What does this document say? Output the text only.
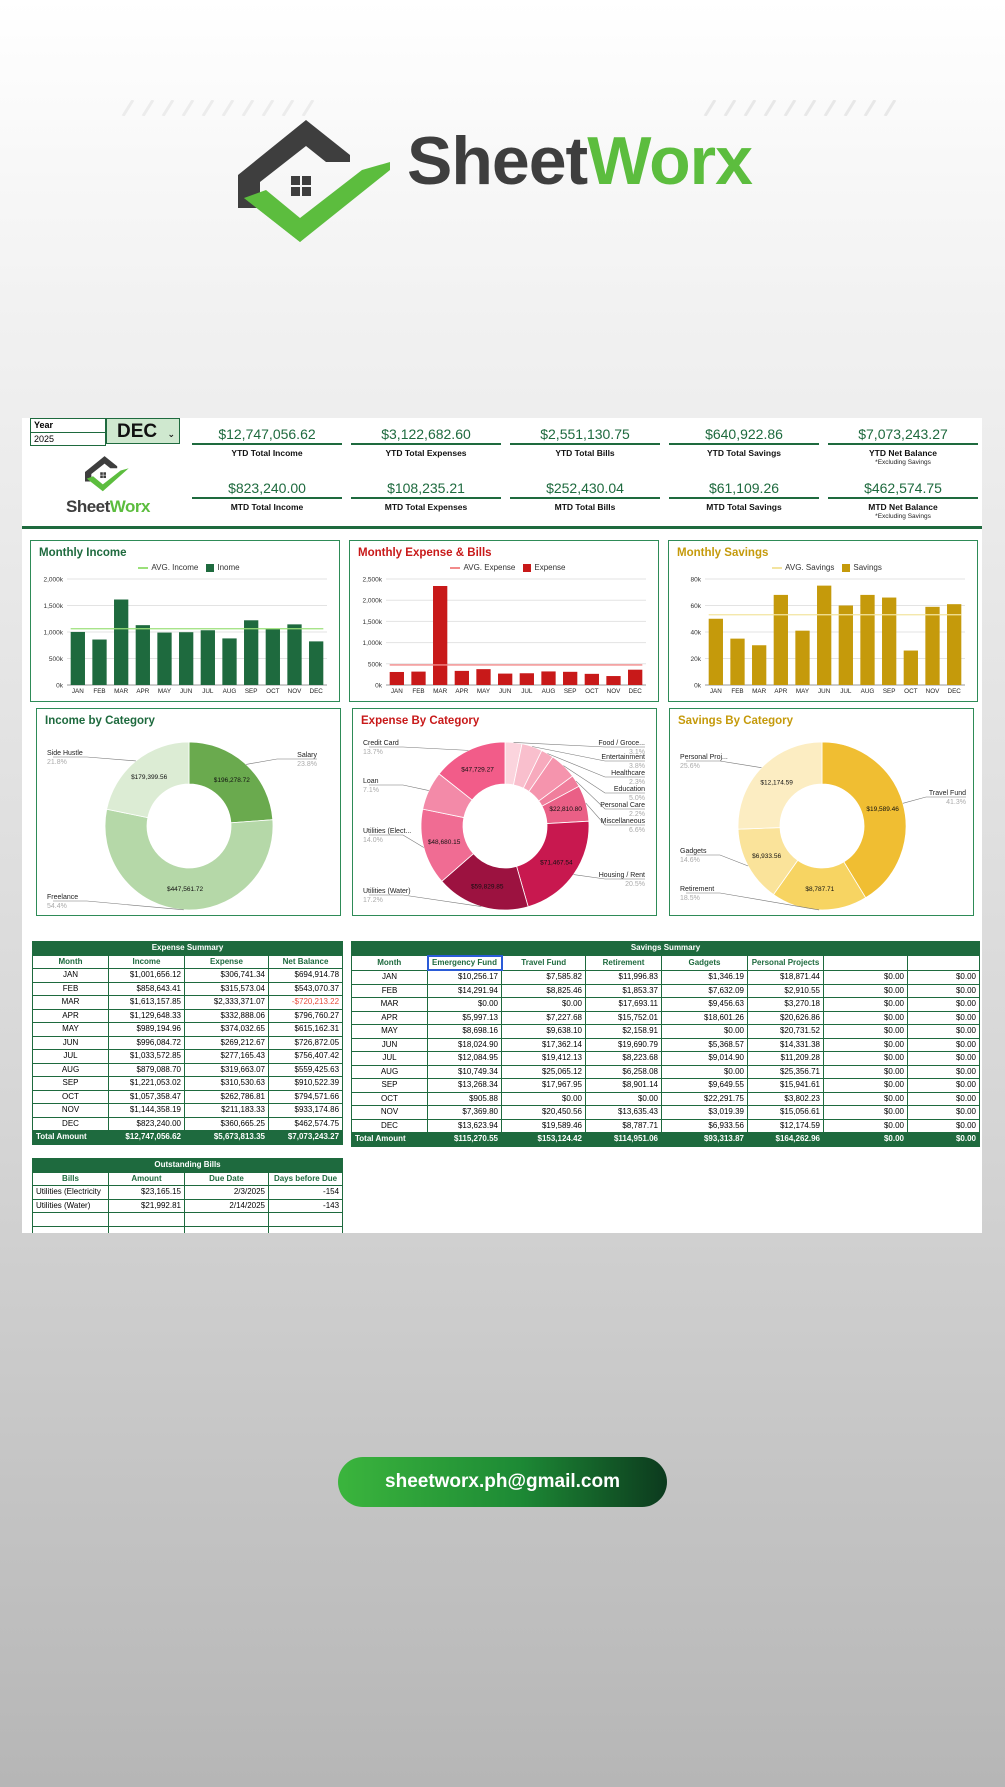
SheetWorx
Year
2025	DEC ⌄
SheetWorx
$12,747,056.62
YTD Total Income
$3,122,682.60
YTD Total Expenses
$2,551,130.75
YTD Total Bills
$640,922.86
YTD Total Savings
$7,073,243.27
YTD Net Balance
*Excluding Savings
$823,240.00
MTD Total Income
$108,235.21
MTD Total Expenses
$252,430.04
MTD Total Bills
$61,109.26
MTD Total Savings
$462,574.75
MTD Net Balance
*Excluding Savings
Monthly Income
AVG. Income Inome
0k
500k
1,000k
1,500k
2,000k
JAN FEB MAR APR MAY JUN JUL AUG SEP OCT NOV DEC
Monthly Expense & Bills
AVG. Expense Expense
0k
500k
1,000k
1,500k
2,000k
2,500k
JAN FEB MAR APR MAY JUN JUL AUG SEP OCT NOV DEC
Monthly Savings
AVG. Savings Savings
0k
20k
40k
60k
80k
JAN FEB MAR APR MAY JUN JUL AUG SEP OCT NOV DEC
Income by Category
$196,278.72
Salary
23.8%
$447,561.72
Freelance
54.4%
$179,399.56
Side Hustle
21.8%
Expense By Category
Food / Groce...
3.1%
Entertainment
3.8%
Healthcare
2.3%
Education
5.0%
Personal Care
2.2%
$22,810.80
Miscellaneous
6.6%
$71,467.54
Housing / Rent
20.5%
$59,829.85
Utilities (Water)
17.2%
$48,680.15
Utilities (Elect...
14.0%
Loan
7.1%
$47,729.27
Credit Card
13.7%
Savings By Category
$19,589.46
Travel Fund
41.3%
$8,787.71
Retirement
18.5%
$6,933.56
Gadgets
14.6%
$12,174.59
Personal Proj...
25.6%
Expense Summary			
Month	Income	Expense	Net Balance
JAN	$1,001,656.12	$306,741.34	$694,914.78
FEB	$858,643.41	$315,573.04	$543,070.37
MAR	$1,613,157.85	$2,333,371.07	-$720,213.22
APR	$1,129,648.33	$332,888.06	$796,760.27
MAY	$989,194.96	$374,032.65	$615,162.31
JUN	$996,084.72	$269,212.67	$726,872.05
JUL	$1,033,572.85	$277,165.43	$756,407.42
AUG	$879,088.70	$319,663.07	$559,425.63
SEP	$1,221,053.02	$310,530.63	$910,522.39
OCT	$1,057,358.47	$262,786.81	$794,571.66
NOV	$1,144,358.19	$211,183.33	$933,174.86
DEC	$823,240.00	$360,665.25	$462,574.75
Total Amount	$12,747,056.62	$5,673,813.35	$7,073,243.27
Savings Summary							
Month	Emergency Fund	Travel Fund	Retirement	Gadgets	Personal Projects		
JAN	$10,256.17	$7,585.82	$11,996.83	$1,346.19	$18,871.44	$0.00	$0.00
FEB	$14,291.94	$8,825.46	$1,853.37	$7,632.09	$2,910.55	$0.00	$0.00
MAR	$0.00	$0.00	$17,693.11	$9,456.63	$3,270.18	$0.00	$0.00
APR	$5,997.13	$7,227.68	$15,752.01	$18,601.26	$20,626.86	$0.00	$0.00
MAY	$8,698.16	$9,638.10	$2,158.91	$0.00	$20,731.52	$0.00	$0.00
JUN	$18,024.90	$17,362.14	$19,690.79	$5,368.57	$14,331.38	$0.00	$0.00
JUL	$12,084.95	$19,412.13	$8,223.68	$9,014.90	$11,209.28	$0.00	$0.00
AUG	$10,749.34	$25,065.12	$6,258.08	$0.00	$25,356.71	$0.00	$0.00
SEP	$13,268.34	$17,967.95	$8,901.14	$9,649.55	$15,941.61	$0.00	$0.00
OCT	$905.88	$0.00	$0.00	$22,291.75	$3,802.23	$0.00	$0.00
NOV	$7,369.80	$20,450.56	$13,635.43	$3,019.39	$15,056.61	$0.00	$0.00
DEC	$13,623.94	$19,589.46	$8,787.71	$6,933.56	$12,174.59	$0.00	$0.00
Total Amount	$115,270.55	$153,124.42	$114,951.06	$93,313.87	$164,262.96	$0.00	$0.00
Outstanding Bills			
Bills	Amount	Due Date	Days before Due
Utilities (Electricity	$23,165.15	2/3/2025	-154
Utilities (Water)	$21,992.81	2/14/2025	-143

sheetworx.ph@gmail.com
